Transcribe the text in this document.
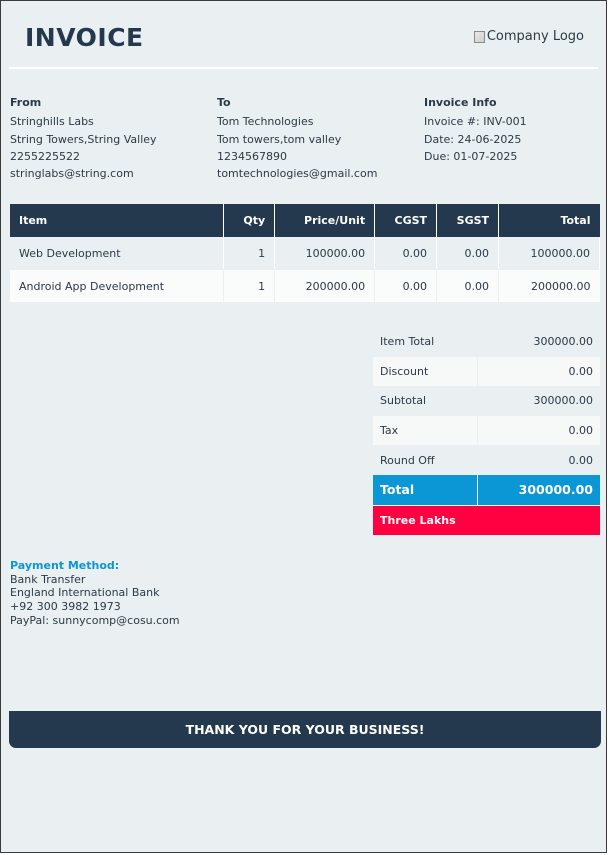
INVOICE	Company Logo
From
Stringhills Labs
String Towers,String Valley
2255225522
stringlabs@string.com
To
Tom Technologies
Tom towers,tom valley
1234567890
tomtechnologies@gmail.com
Invoice Info
Invoice #: INV-001
Date: 24-06-2025
Due: 01-07-2025
Item	Qty	Price/Unit	CGST	SGST	Total
Web Development	1	100000.00	0.00	0.00	100000.00
Android App Development	1	200000.00	0.00	0.00	200000.00
Item Total	300000.00
Discount	0.00
Subtotal	300000.00
Tax	0.00
Round Off	0.00
Total	300000.00
Three Lakhs
Payment Method:
Bank Transfer
England International Bank
+92 300 3982 1973
PayPal: sunnycomp@cosu.com
THANK YOU FOR YOUR BUSINESS!
